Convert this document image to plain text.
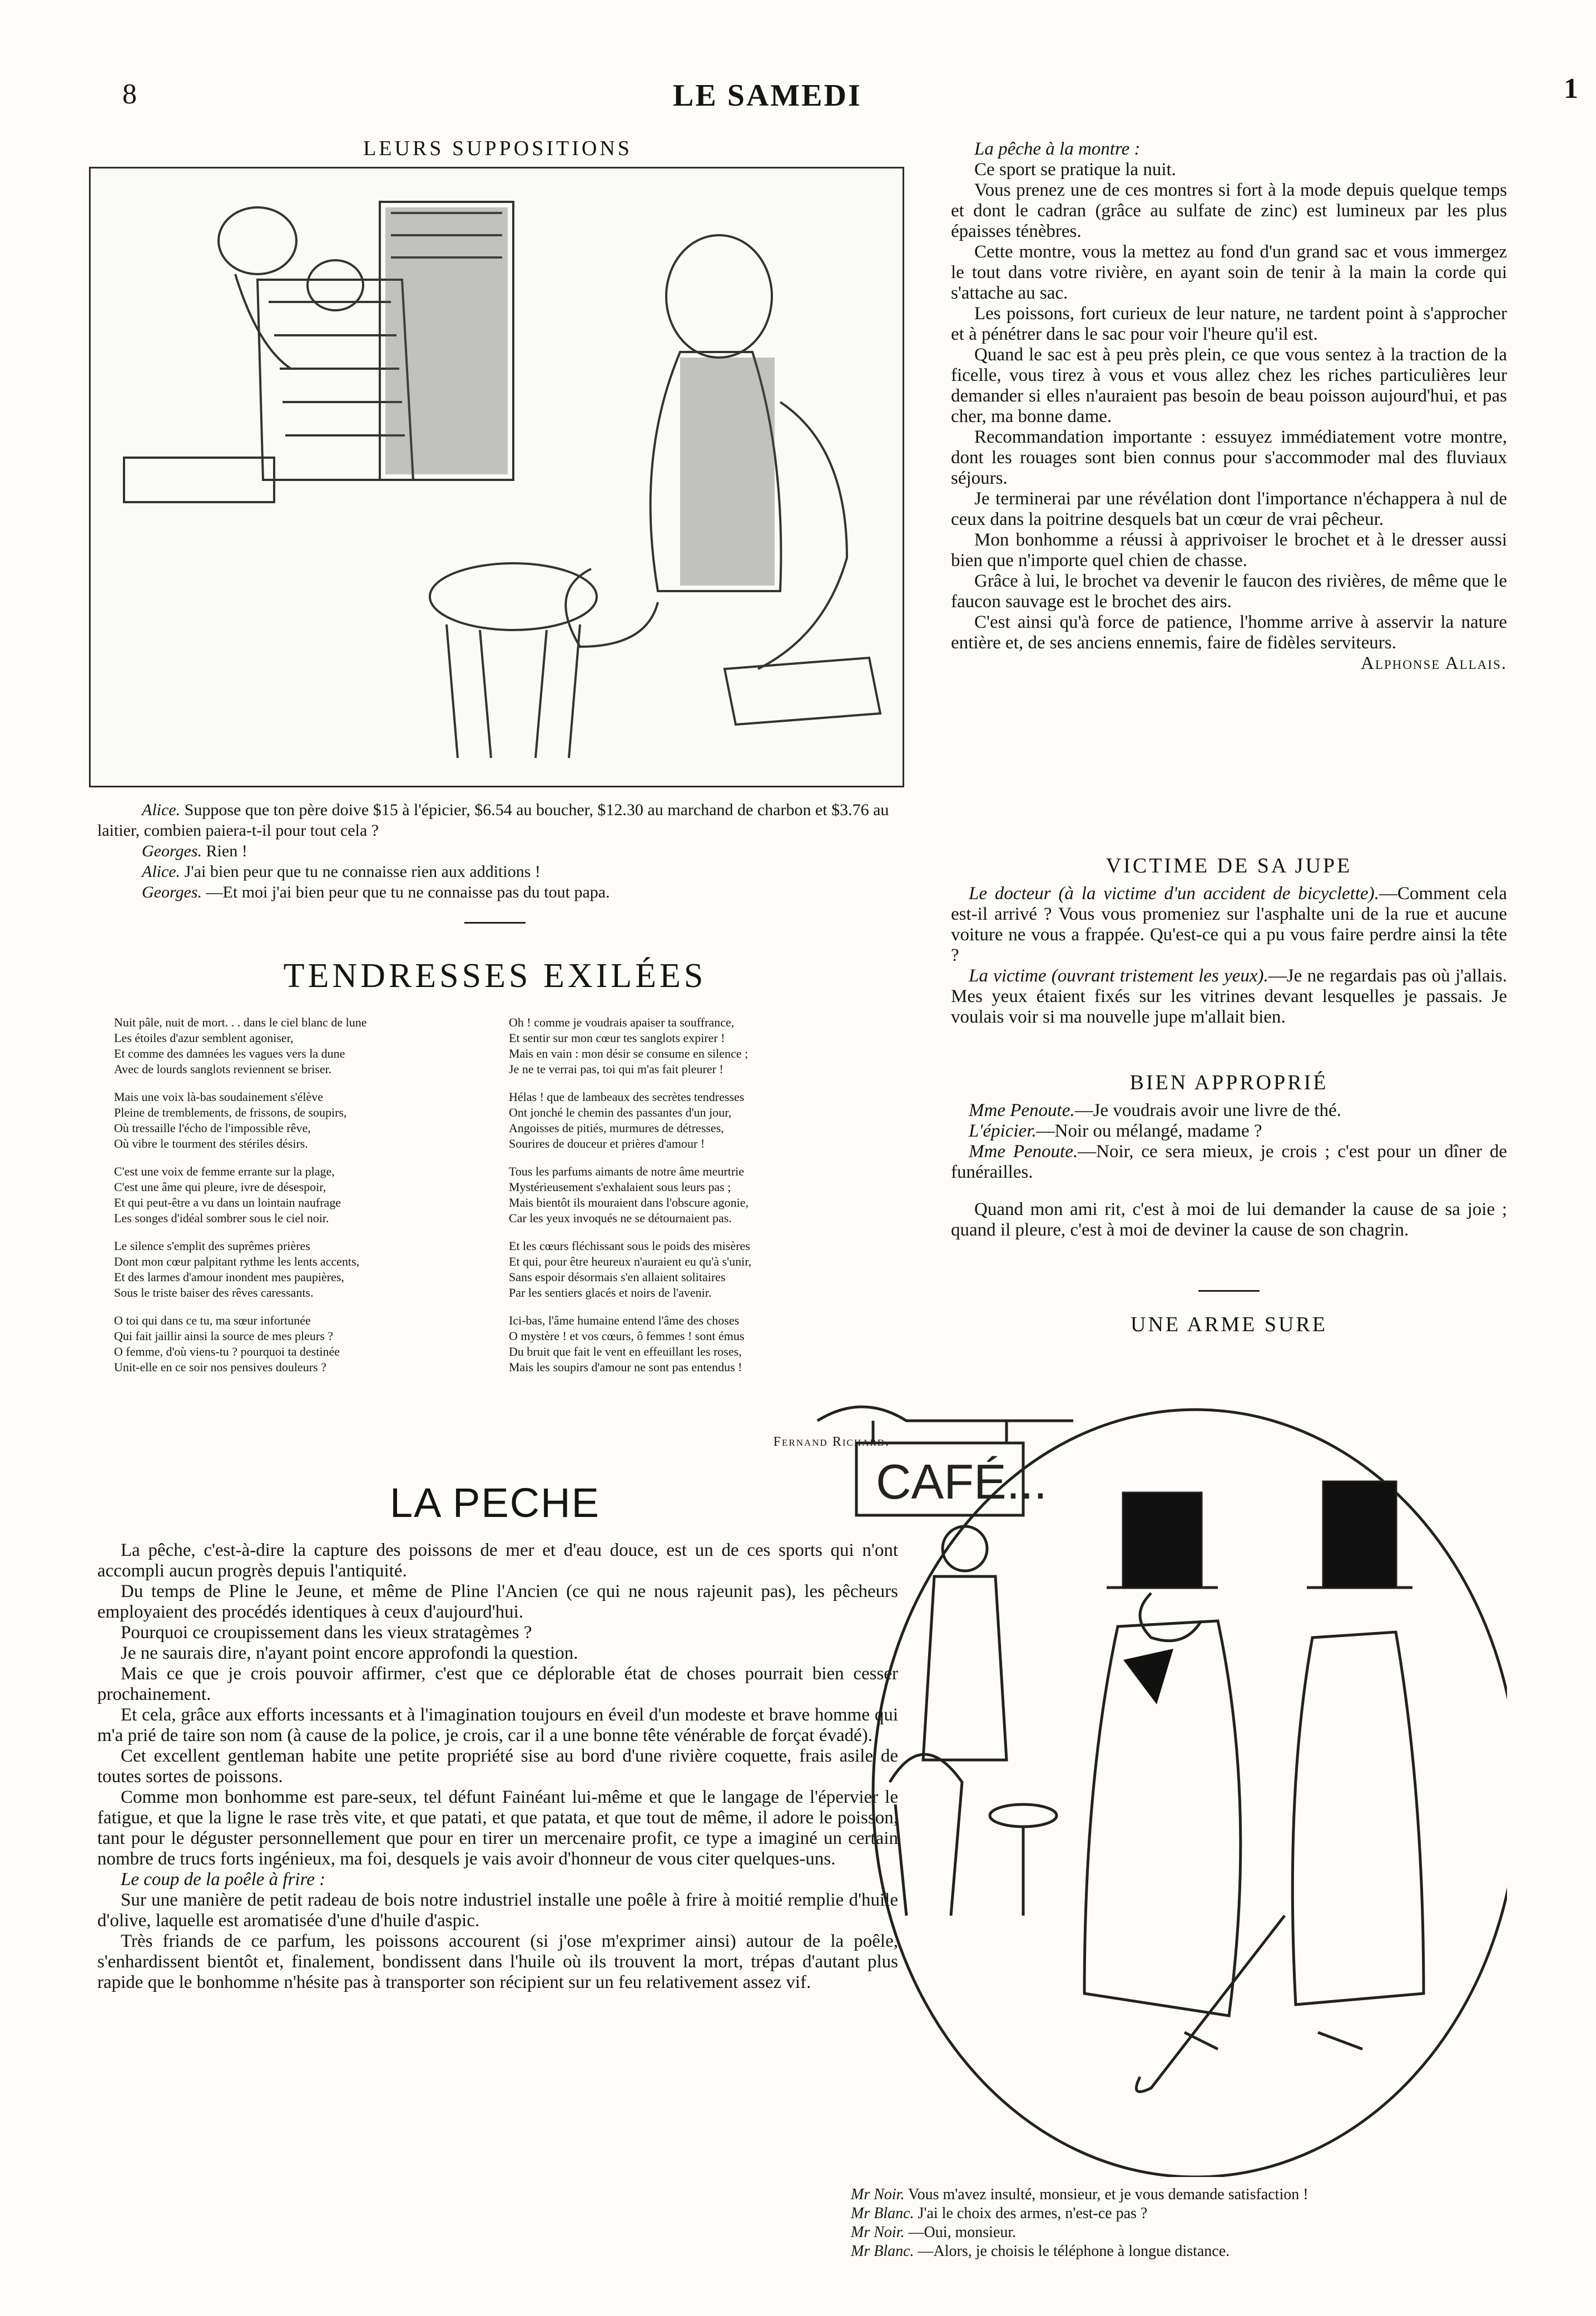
8	LE SAMEDI	1
LEURS SUPPOSITIONS
Alice. Suppose que ton père doive $15 à l'épicier, $6.54 au boucher, $12.30 au marchand de charbon et $3.76 au laitier, combien paiera-t-il pour tout cela ?
Georges. Rien !
Alice. J'ai bien peur que tu ne connaisse rien aux additions !
Georges. —Et moi j'ai bien peur que tu ne connaisse pas du tout papa.
TENDRESSES EXILÉES
Nuit pâle, nuit de mort. . . dans le ciel blanc de lune
Les étoiles d'azur semblent agoniser,
Et comme des damnées les vagues vers la dune
Avec de lourds sanglots reviennent se briser.
Mais une voix là-bas soudainement s'élève
Pleine de tremblements, de frissons, de soupirs,
Où tressaille l'écho de l'impossible rêve,
Où vibre le tourment des stériles désirs.
C'est une voix de femme errante sur la plage,
C'est une âme qui pleure, ivre de désespoir,
Et qui peut-être a vu dans un lointain naufrage
Les songes d'idéal sombrer sous le ciel noir.
Le silence s'emplit des suprêmes prières
Dont mon cœur palpitant rythme les lents accents,
Et des larmes d'amour inondent mes paupières,
Sous le triste baiser des rêves caressants.
O toi qui dans ce tu, ma sœur infortunée
Qui fait jaillir ainsi la source de mes pleurs ?
O femme, d'où viens-tu ? pourquoi ta destinée
Unit-elle en ce soir nos pensives douleurs ?
Oh ! comme je voudrais apaiser ta souffrance,
Et sentir sur mon cœur tes sanglots expirer !
Mais en vain : mon désir se consume en silence ;
Je ne te verrai pas, toi qui m'as fait pleurer !
Hélas ! que de lambeaux des secrètes tendresses
Ont jonché le chemin des passantes d'un jour,
Angoisses de pitiés, murmures de détresses,
Sourires de douceur et prières d'amour !
Tous les parfums aimants de notre âme meurtrie
Mystérieusement s'exhalaient sous leurs pas ;
Mais bientôt ils mouraient dans l'obscure agonie,
Car les yeux invoqués ne se détournaient pas.
Et les cœurs fléchissant sous le poids des misères
Et qui, pour être heureux n'auraient eu qu'à s'unir,
Sans espoir désormais s'en allaient solitaires
Par les sentiers glacés et noirs de l'avenir.
Ici-bas, l'âme humaine entend l'âme des choses
O mystère ! et vos cœurs, ô femmes ! sont émus
Du bruit que fait le vent en effeuillant les roses,
Mais les soupirs d'amour ne sont pas entendus !
Fernand Richard.
LA PECHE

La pêche, c'est-à-dire la capture des poissons de mer et d'eau douce, est un de ces sports qui n'ont accompli aucun progrès depuis l'antiquité.

Du temps de Pline le Jeune, et même de Pline l'Ancien (ce qui ne nous rajeunit pas), les pêcheurs employaient des procédés identiques à ceux d'aujourd'hui.

Pourquoi ce croupissement dans les vieux stratagèmes ?

Je ne saurais dire, n'ayant point encore approfondi la question.

Mais ce que je crois pouvoir affirmer, c'est que ce déplorable état de choses pourrait bien cesser prochainement.

Et cela, grâce aux efforts incessants et à l'imagination toujours en éveil d'un modeste et brave homme qui m'a prié de taire son nom (à cause de la police, je crois, car il a une bonne tête vénérable de forçat évadé).

Cet excellent gentleman habite une petite propriété sise au bord d'une rivière coquette, frais asile de toutes sortes de poissons.

Comme mon bonhomme est pare-seux, tel défunt Fainéant lui-même et que le langage de l'épervier le fatigue, et que la ligne le rase très vite, et que patati, et que patata, et que tout de même, il adore le poisson, tant pour le déguster personnellement que pour en tirer un mercenaire profit, ce type a imaginé un certain nombre de trucs forts ingénieux, ma foi, desquels je vais avoir d'honneur de vous citer quelques-uns.

Le coup de la poêle à frire :

Sur une manière de petit radeau de bois notre industriel installe une poêle à frire à moitié remplie d'huile d'olive, laquelle est aromatisée d'une d'huile d'aspic.

Très friands de ce parfum, les poissons accourent (si j'ose m'exprimer ainsi) autour de la poêle, s'enhardissent bientôt et, finalement, bondissent dans l'huile où ils trouvent la mort, trépas d'autant plus rapide que le bonhomme n'hésite pas à transporter son récipient sur un feu relativement assez vif.

La pêche à la montre :

Ce sport se pratique la nuit.

Vous prenez une de ces montres si fort à la mode depuis quelque temps et dont le cadran (grâce au sulfate de zinc) est lumineux par les plus épaisses ténèbres.

Cette montre, vous la mettez au fond d'un grand sac et vous immergez le tout dans votre rivière, en ayant soin de tenir à la main la corde qui s'attache au sac.

Les poissons, fort curieux de leur nature, ne tardent point à s'approcher et à pénétrer dans le sac pour voir l'heure qu'il est.

Quand le sac est à peu près plein, ce que vous sentez à la traction de la ficelle, vous tirez à vous et vous allez chez les riches particulières leur demander si elles n'auraient pas besoin de beau poisson aujourd'hui, et pas cher, ma bonne dame.

Recommandation importante : essuyez immédiatement votre montre, dont les rouages sont bien connus pour s'accommoder mal des fluviaux séjours.

Je terminerai par une révélation dont l'importance n'échappera à nul de ceux dans la poitrine desquels bat un cœur de vrai pêcheur.

Mon bonhomme a réussi à apprivoiser le brochet et à le dresser aussi bien que n'importe quel chien de chasse.

Grâce à lui, le brochet va devenir le faucon des rivières, de même que le faucon sauvage est le brochet des airs.

C'est ainsi qu'à force de patience, l'homme arrive à asservir la nature entière et, de ses anciens ennemis, faire de fidèles serviteurs.

Alphonse Allais.
VICTIME DE SA JUPE

Le docteur (à la victime d'un accident de bicyclette).—Comment cela est-il arrivé ? Vous vous promeniez sur l'asphalte uni de la rue et aucune voiture ne vous a frappée. Qu'est-ce qui a pu vous faire perdre ainsi la tête ?

La victime (ouvrant tristement les yeux).—Je ne regardais pas où j'allais. Mes yeux étaient fixés sur les vitrines devant lesquelles je passais. Je voulais voir si ma nouvelle jupe m'allait bien.

BIEN APPROPRIÉ

Mme Penoute.—Je voudrais avoir une livre de thé.

L'épicier.—Noir ou mélangé, madame ?

Mme Penoute.—Noir, ce sera mieux, je crois ; c'est pour un dîner de funérailles.

Quand mon ami rit, c'est à moi de lui demander la cause de sa joie ; quand il pleure, c'est à moi de deviner la cause de son chagrin.

UNE ARME SURE
CAFÉ...
Mr Noir. Vous m'avez insulté, monsieur, et je vous demande satisfaction !
Mr Blanc. J'ai le choix des armes, n'est-ce pas ?
Mr Noir. —Oui, monsieur.
Mr Blanc. —Alors, je choisis le téléphone à longue distance.
